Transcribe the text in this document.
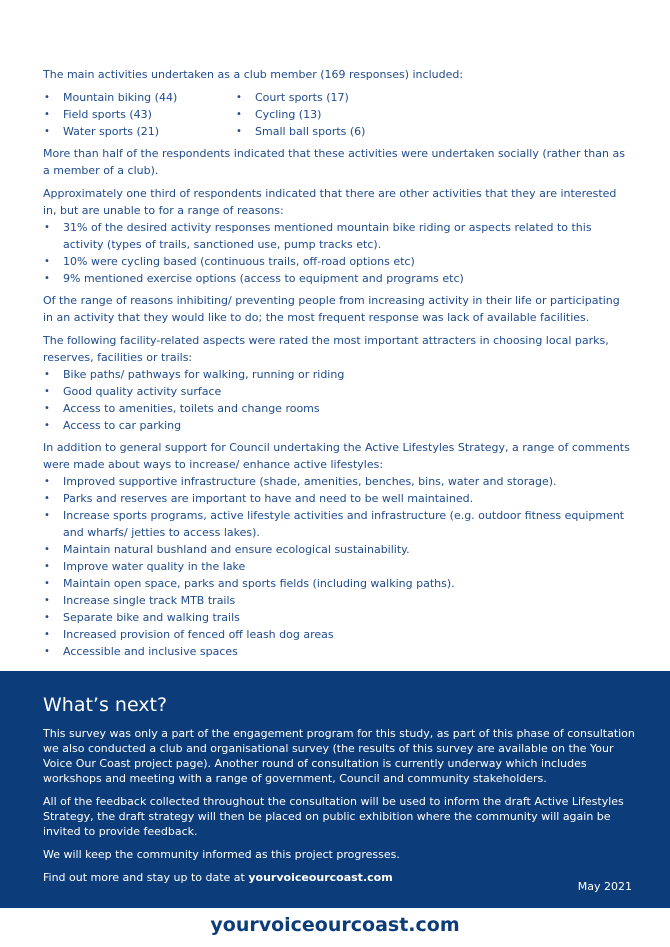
The main activities undertaken as a club member (169 responses) included:

• Mountain biking (44)
• Field sports (43)
• Water sports (21)
• Court sports (17)
• Cycling (13)
• Small ball sports (6)

More than half of the respondents indicated that these activities were undertaken socially (rather than as a member of a club).

Approximately one third of respondents indicated that there are other activities that they are interested in, but are unable to for a range of reasons:

• 31% of the desired activity responses mentioned mountain bike riding or aspects related to this activity (types of trails, sanctioned use, pump tracks etc).
• 10% were cycling based (continuous trails, off-road options etc)
• 9% mentioned exercise options (access to equipment and programs etc)

Of the range of reasons inhibiting/ preventing people from increasing activity in their life or participating in an activity that they would like to do; the most frequent response was lack of available facilities.

The following facility-related aspects were rated the most important attracters in choosing local parks, reserves, facilities or trails:

• Bike paths/ pathways for walking, running or riding
• Good quality activity surface
• Access to amenities, toilets and change rooms
• Access to car parking

In addition to general support for Council undertaking the Active Lifestyles Strategy, a range of comments were made about ways to increase/ enhance active lifestyles:

• Improved supportive infrastructure (shade, amenities, benches, bins, water and storage).
• Parks and reserves are important to have and need to be well maintained.
• Increase sports programs, active lifestyle activities and infrastructure (e.g. outdoor fitness equipment and wharfs/ jetties to access lakes).
• Maintain natural bushland and ensure ecological sustainability.
• Improve water quality in the lake
• Maintain open space, parks and sports fields (including walking paths).
• Increase single track MTB trails
• Separate bike and walking trails
• Increased provision of fenced off leash dog areas
• Accessible and inclusive spaces
What’s next?

This survey was only a part of the engagement program for this study, as part of this phase of consultation we also conducted a club and organisational survey (the results of this survey are available on the Your Voice Our Coast project page). Another round of consultation is currently underway which includes workshops and meeting with a range of government, Council and community stakeholders.

All of the feedback collected throughout the consultation will be used to inform the draft Active Lifestyles Strategy, the draft strategy will then be placed on public exhibition where the community will again be invited to provide feedback.

We will keep the community informed as this project progresses.

Find out more and stay up to date at yourvoiceourcoast.com

May 2021
yourvoiceourcoast.com
